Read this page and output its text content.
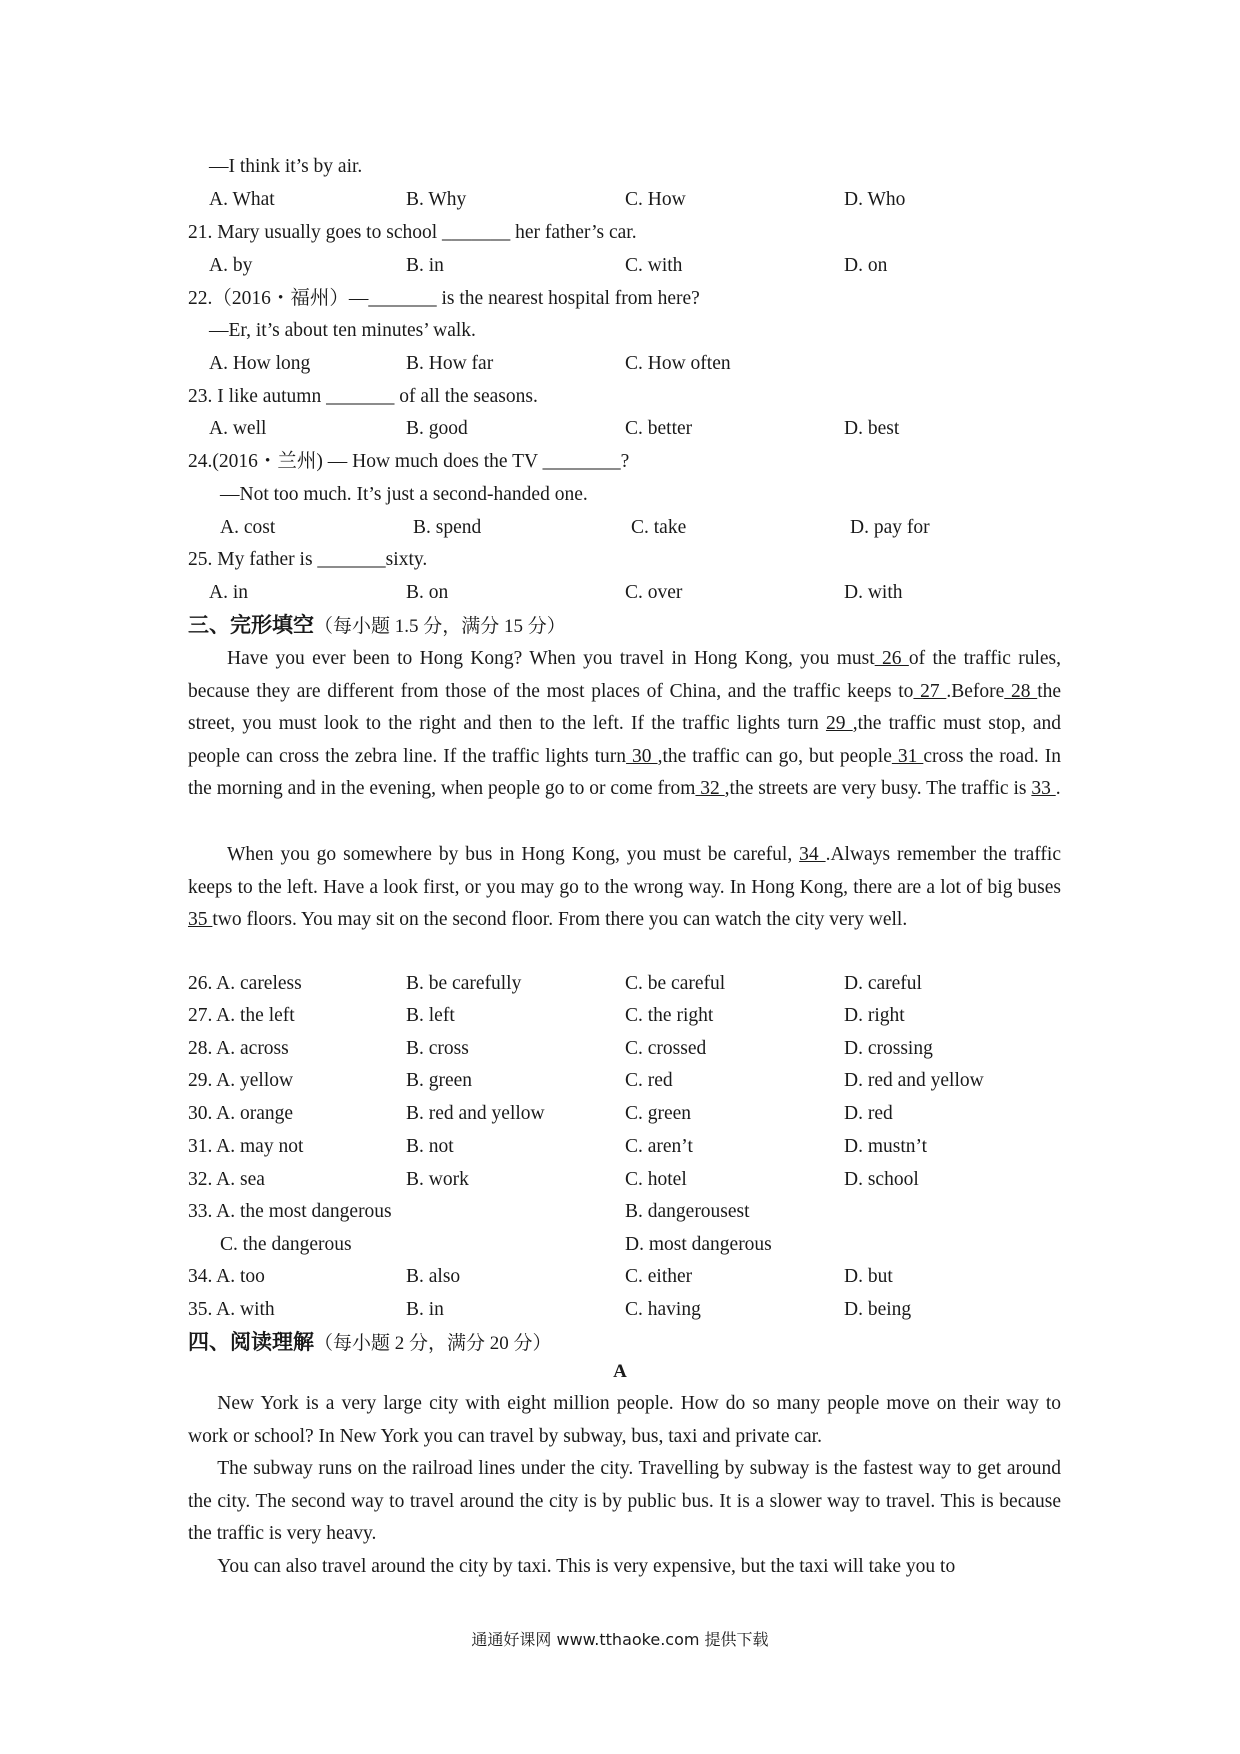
—I think it’s by air.
A. What	B. Why	C. How	D. Who
21. Mary usually goes to school _______ her father’s car.
A. by	B. in	C. with	D. on
22.（2016・福州）—_______ is the nearest hospital from here?
—Er, it’s about ten minutes’ walk.
A. How long	B. How far	C. How often
23. I like autumn _______ of all the seasons.
A. well	B. good	C. better	D. best
24.(2016・兰州) — How much does the TV ________?
—Not too much. It’s just a second-handed one.
A. cost	B. spend	C. take	D. pay for
25. My father is _______sixty.
A. in	B. on	C. over	D. with
三、完形填空（每小题 1.5 分，满分 15 分）
Have you ever been to Hong Kong? When you travel in Hong Kong, you must 26 of the traffic rules, because they are different from those of the most places of China, and the traffic keeps to 27 .Before 28 the street, you must look to the right and then to the left. If the traffic lights turn 29 ,the traffic must stop, and people can cross the zebra line. If the traffic lights turn 30 ,the traffic can go, but people 31 cross the road. In the morning and in the evening, when people go to or come from 32 ,the streets are very busy. The traffic is 33 .
When you go somewhere by bus in Hong Kong, you must be careful, 34 .Always remember the traffic keeps to the left. Have a look first, or you may go to the wrong way. In Hong Kong, there are a lot of big buses 35 two floors. You may sit on the second floor. From there you can watch the city very well.
26. A. careless	B. be carefully	C. be careful	D. careful
27. A. the left	B. left	C. the right	D. right
28. A. across	B. cross	C. crossed	D. crossing
29. A. yellow	B. green	C. red	D. red and yellow
30. A. orange	B. red and yellow	C. green	D. red
31. A. may not	B. not	C. aren’t	D. mustn’t
32. A. sea	B. work	C. hotel	D. school
33. A. the most dangerous	B. dangerousest
C. the dangerous	D. most dangerous
34. A. too	B. also	C. either	D. but
35. A. with	B. in	C. having	D. being
四、阅读理解（每小题 2 分，满分 20 分）
A
New York is a very large city with eight million people. How do so many people move on their way to work or school? In New York you can travel by subway, bus, taxi and private car.
The subway runs on the railroad lines under the city. Travelling by subway is the fastest way to get around the city. The second way to travel around the city is by public bus. It is a slower way to travel. This is because the traffic is very heavy.
You can also travel around the city by taxi. This is very expensive, but the taxi will take you to
通通好课网 www.tthaoke.com 提供下载
